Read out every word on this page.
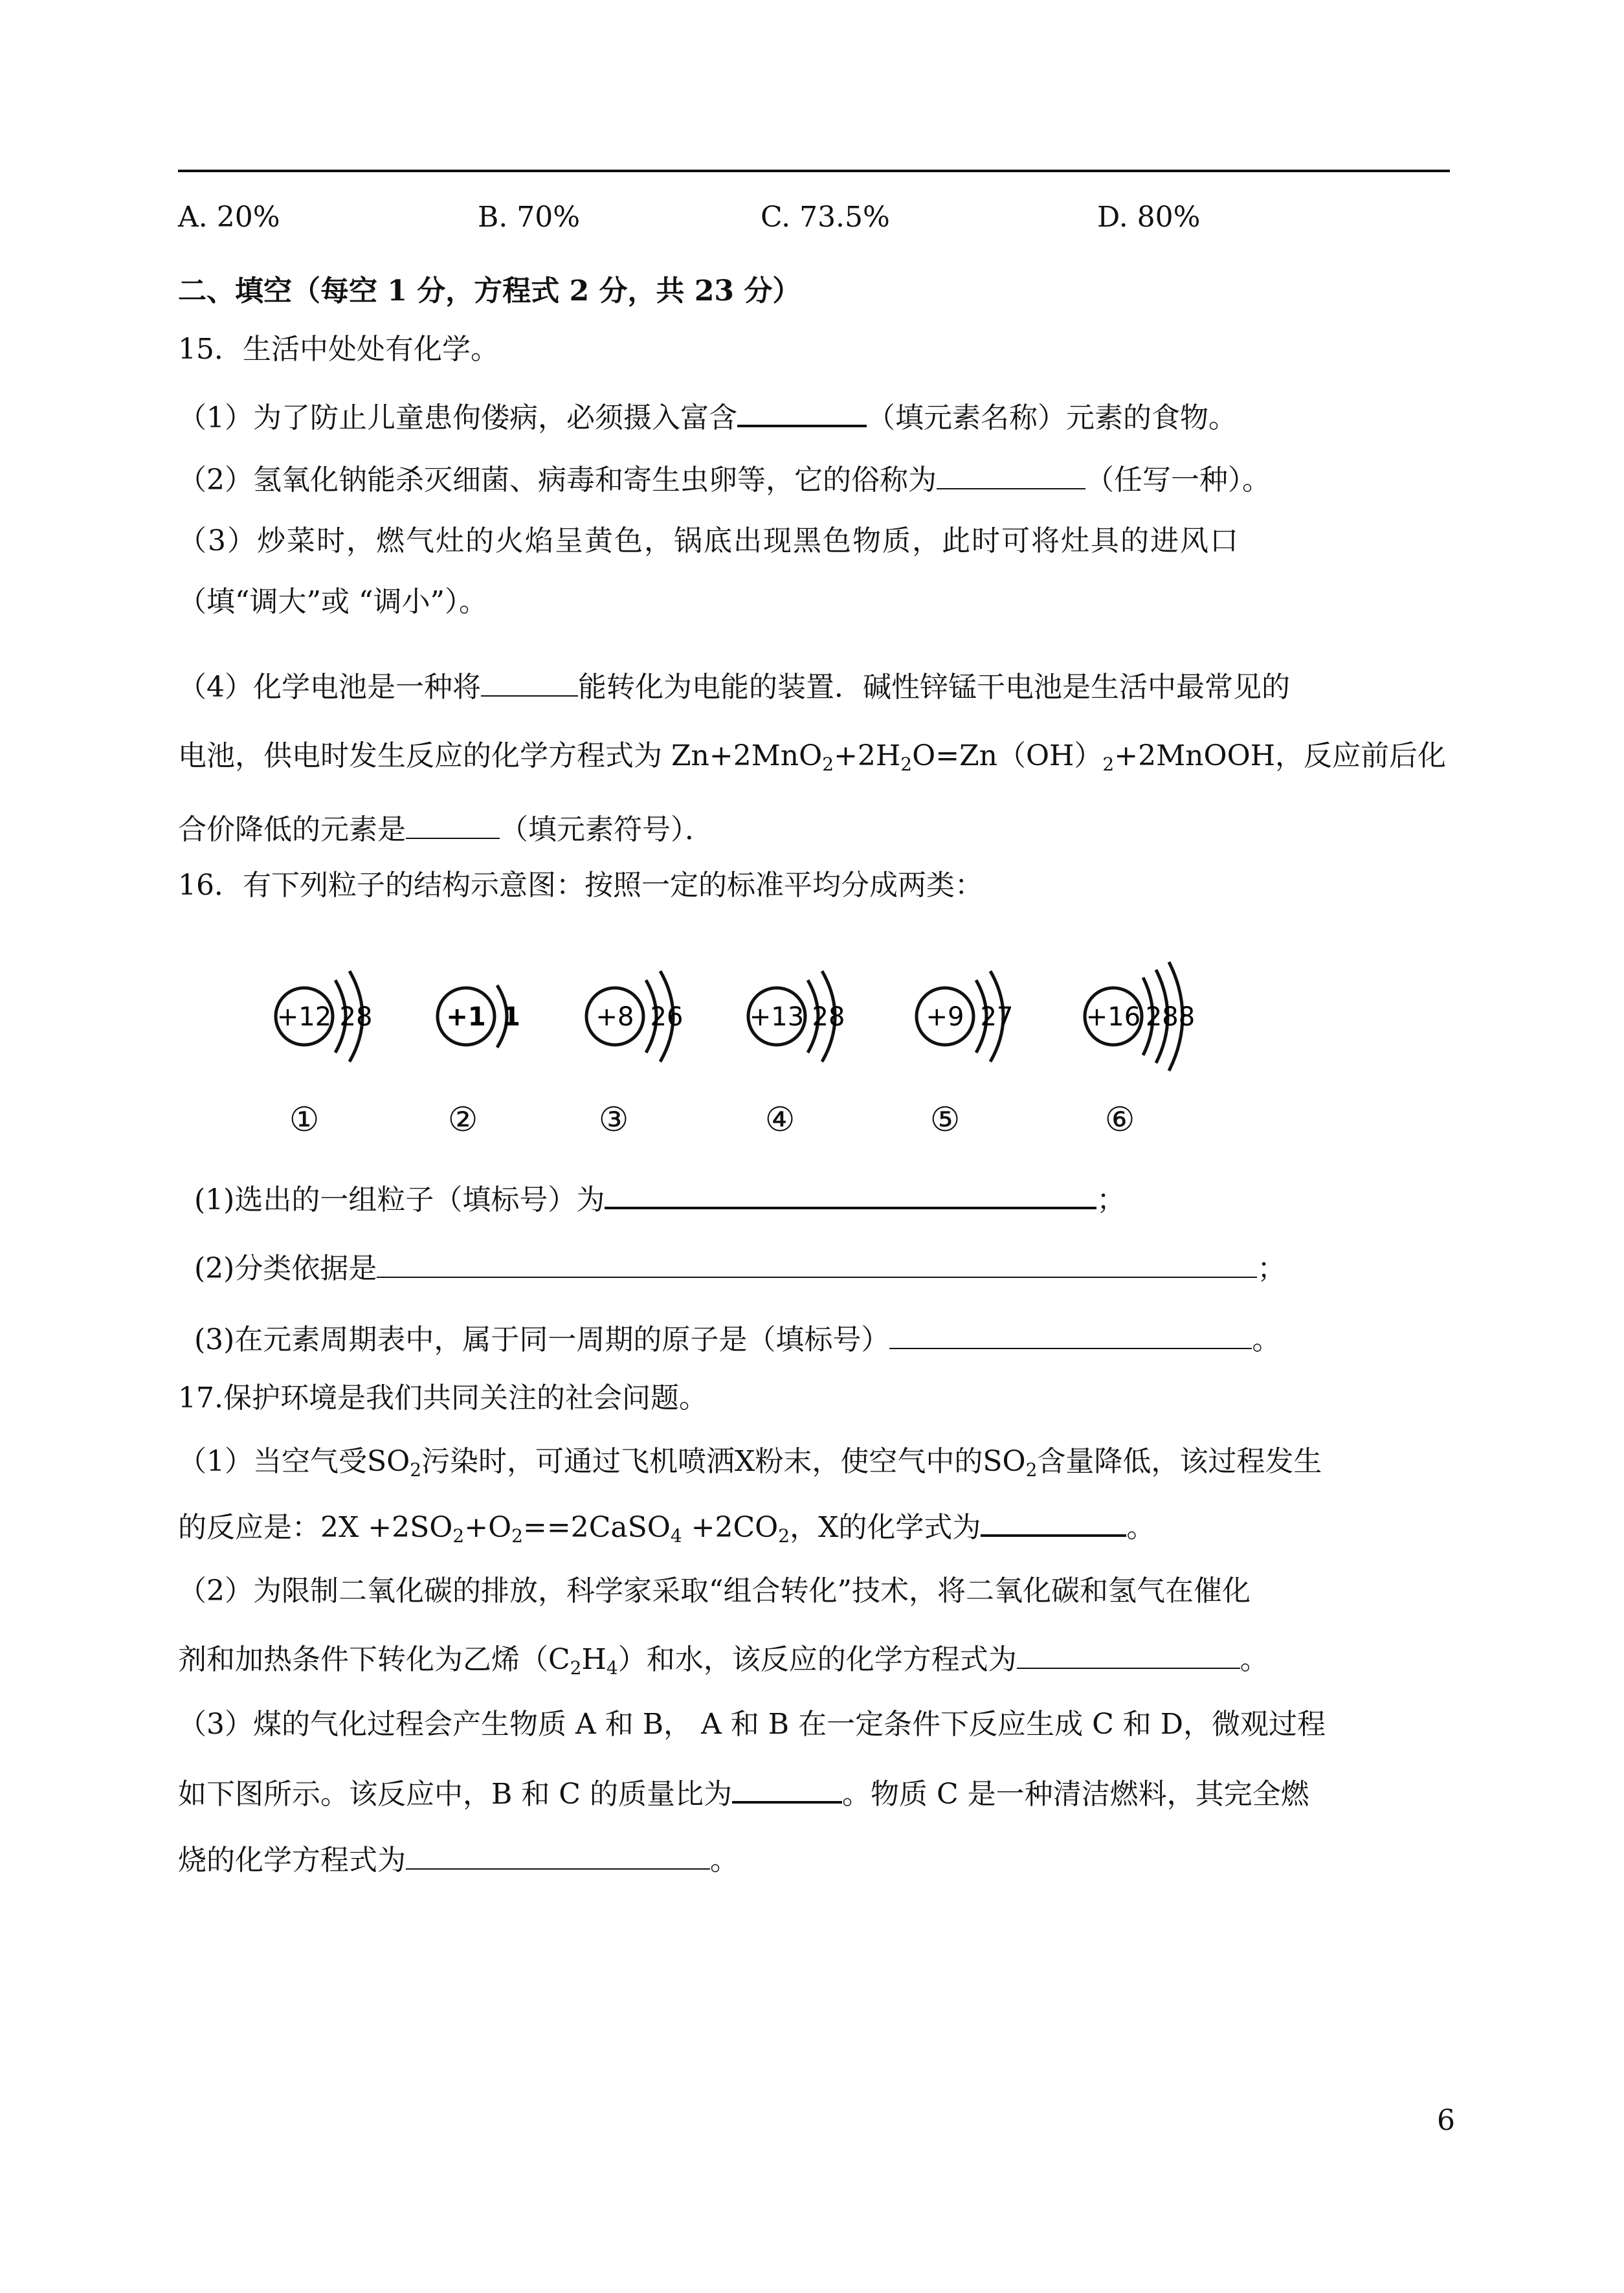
A. 20%	B. 70%	C. 73.5%	D. 80%
二、填空（每空 1 分，方程式 2 分，共 23 分）
15．生活中处处有化学。
（1）为了防止儿童患佝偻病，必须摄入富含	（填元素名称）元素的食物。
（2）氢氧化钠能杀灭细菌、病毒和寄生虫卵等，它的俗称为	（任写一种）。
（3）炒菜时，燃气灶的火焰呈黄色，锅底出现黑色物质，此时可将灶具的进风口
（填“调大”或 “调小”）。
（4）化学电池是一种将	能转化为电能的装置．碱性锌锰干电池是生活中最常见的
电池，供电时发生反应的化学方程式为 $Zn+2MnO_2+2H_2O=Zn(OH)_2+2MnOOH$，反应前后化
合价降低的元素是	（填元素符号）．
16．有下列粒子的结构示意图：按照一定的标准平均分成两类：
+12 28	+1 1	+8 26	+13 28	+9 27	+16 288
①	②	③	④	⑤	⑥
(1)选出的一组粒子（填标号）为	；
(2)分类依据是	；
(3)在元素周期表中，属于同一周期的原子是（填标号）	。
17.保护环境是我们共同关注的社会问题。
（1）当空气受$SO_2$污染时，可通过飞机喷洒X粉末，使空气中的$SO_2$含量降低，该过程发生
的反应是：$2X +2SO_2+O_2==2CaSO_4 +2CO_2$，X的化学式为	。
（2）为限制二氧化碳的排放，科学家采取“组合转化”技术，将二氧化碳和氢气在催化
剂和加热条件下转化为乙烯$(C_2H_4)$和水，该反应的化学方程式为	。
（3）煤的气化过程会产生物质 A 和 B， A 和 B 在一定条件下反应生成 C 和 D，微观过程
如下图所示。该反应中，B 和 C 的质量比为	。物质 C 是一种清洁燃料，其完全燃
烧的化学方程式为	。
6
